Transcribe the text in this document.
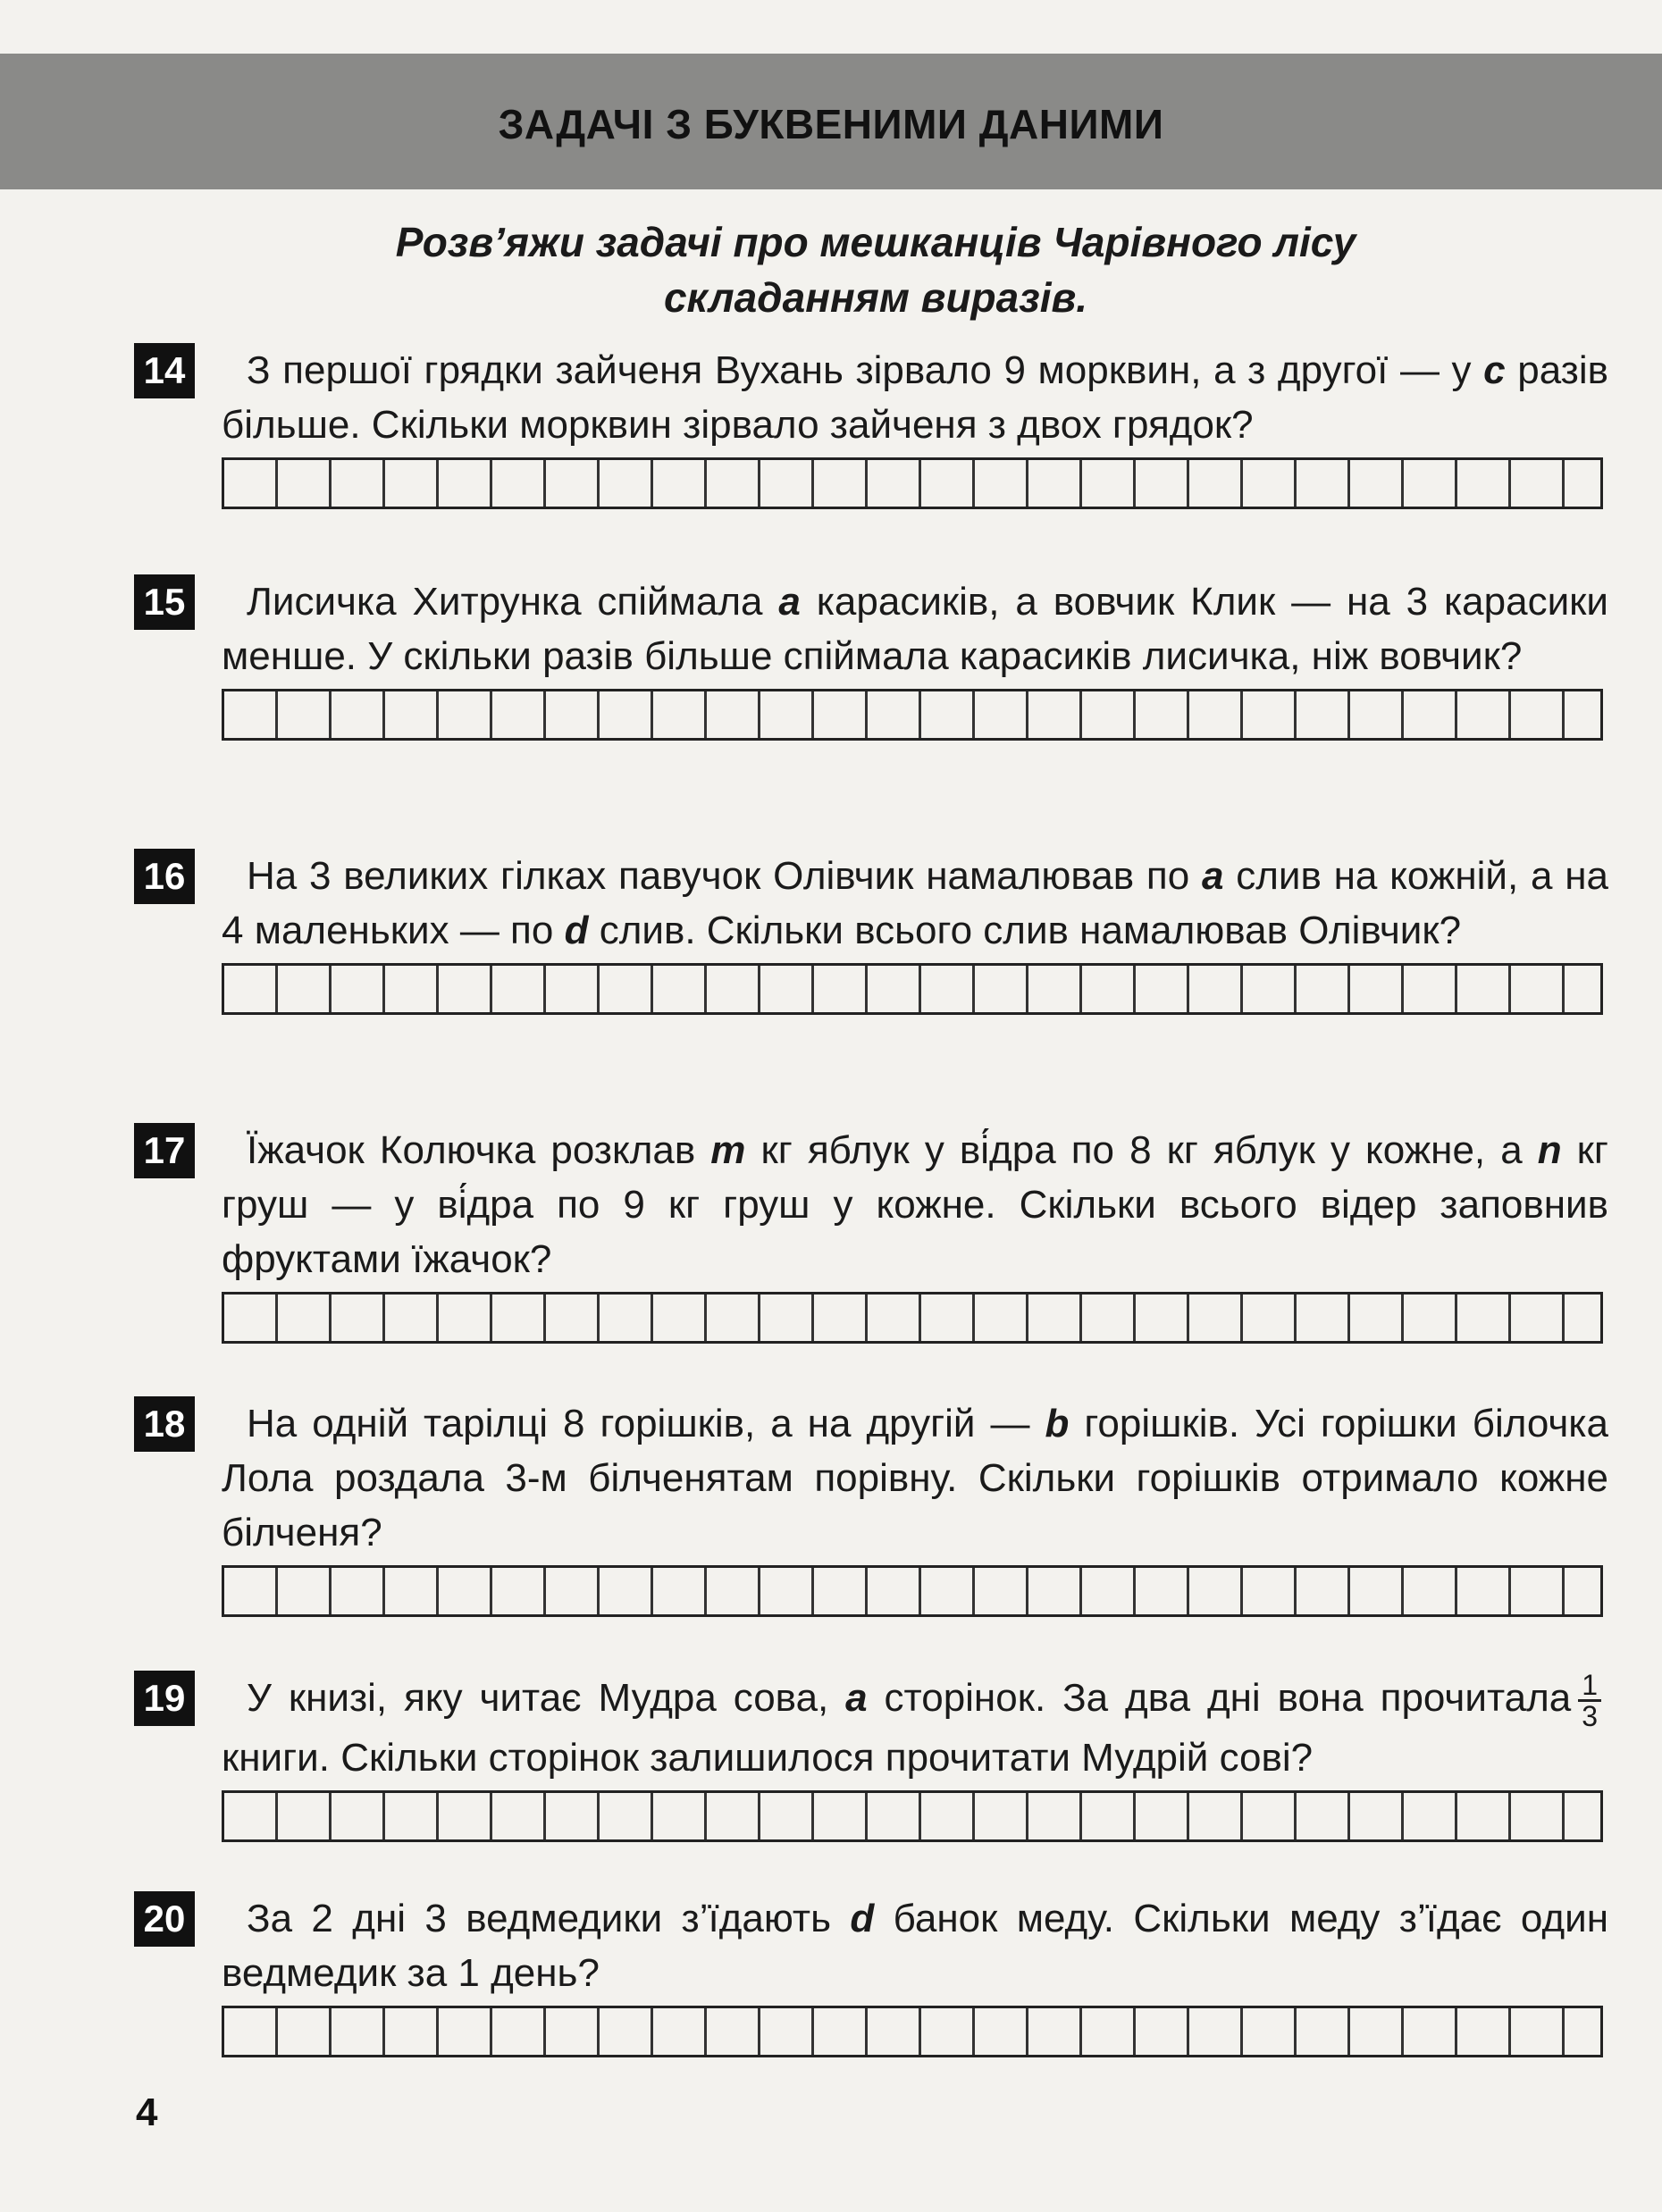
ЗАДАЧІ З БУКВЕНИМИ ДАНИМИ
Розв’яжи задачі про мешканців Чарівного лісу
складанням виразів.
14	З першої грядки зайченя Вухань зірвало 9 морквин, а з другої — у c разів більше. Скільки морквин зірвало зайченя з двох грядок?
15	Лисичка Хитрунка спіймала a карасиків, а вовчик Клик — на 3 карасики менше. У скільки разів більше спіймала карасиків лисичка, ніж вовчик?
16	На 3 великих гілках павучок Олівчик намалював по a слив на кожній, а на 4 маленьких — по d слив. Скільки всього слив намалював Олівчик?
17	Їжачок Колючка розклав m кг яблук у ві́дра по 8 кг яблук у кожне, а n кг груш — у ві́дра по 9 кг груш у кожне. Скільки всього відер заповнив фруктами їжачок?
18	На одній тарілці 8 горішків, а на другій — b горішків. Усі горішки білочка Лола роздала 3-м білченятам порівну. Скільки горішків отримало кожне білченя?
19	У книзі, яку читає Мудра сова, a сторінок. За два дні вона прочитала $\frac{1}{3}$
книги. Скільки сторінок залишилося прочитати Мудрій сові?
20	За 2 дні 3 ведмедики з’їдають d банок меду. Скільки меду з’їдає один ведмедик за 1 день?
4
